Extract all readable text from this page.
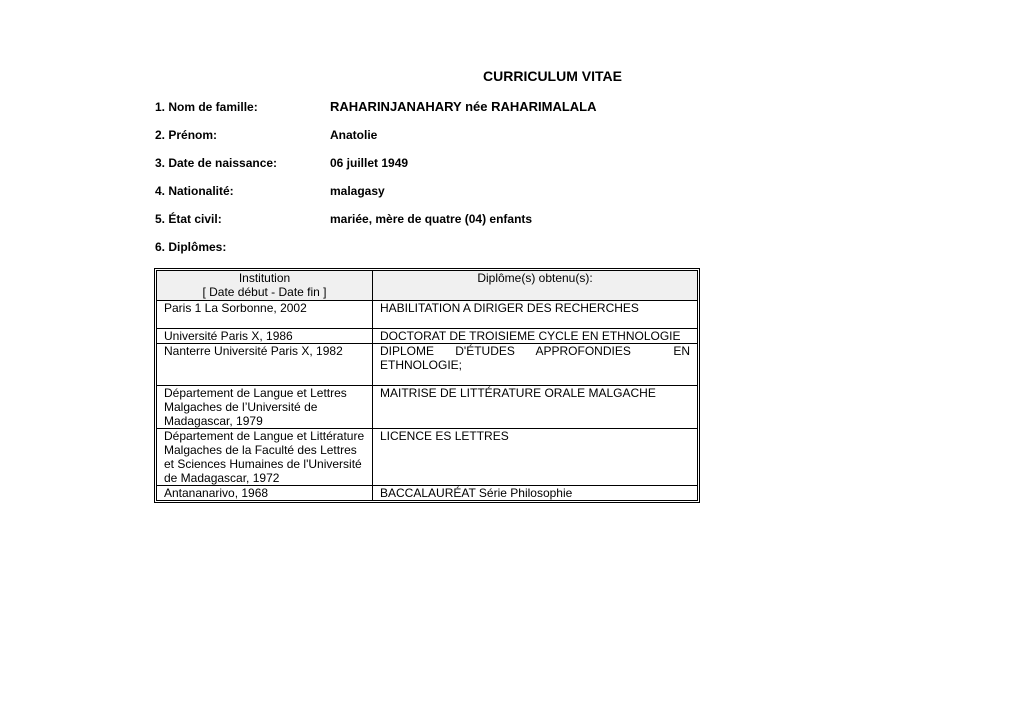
CURRICULUM VITAE
1. Nom de famille:	RAHARINJANAHARY née RAHARIMALALA
2. Prénom:	Anatolie
3. Date de naissance:	06 juillet 1949
4. Nationalité:	malagasy
5. État civil:	mariée, mère de quatre (04) enfants
6. Diplômes:
Institution
[ Date début - Date fin ]	Diplôme(s) obtenu(s):
Paris 1 La Sorbonne, 2002	HABILITATION A DIRIGER DES RECHERCHES
Université Paris X, 1986	DOCTORAT DE TROISIEME CYCLE EN ETHNOLOGIE
Nanterre Université Paris X, 1982	DIPLOME  D'ÉTUDES  APPROFONDIES    EN ETHNOLOGIE;
Département de Langue et Lettres Malgaches de l’Université de Madagascar, 1979	MAITRISE DE LITTÉRATURE ORALE MALGACHE
Département de Langue et Littérature Malgaches de la Faculté des Lettres et Sciences Humaines de l'Université de Madagascar, 1972	LICENCE ES LETTRES
Antananarivo, 1968	BACCALAURÉAT Série Philosophie
